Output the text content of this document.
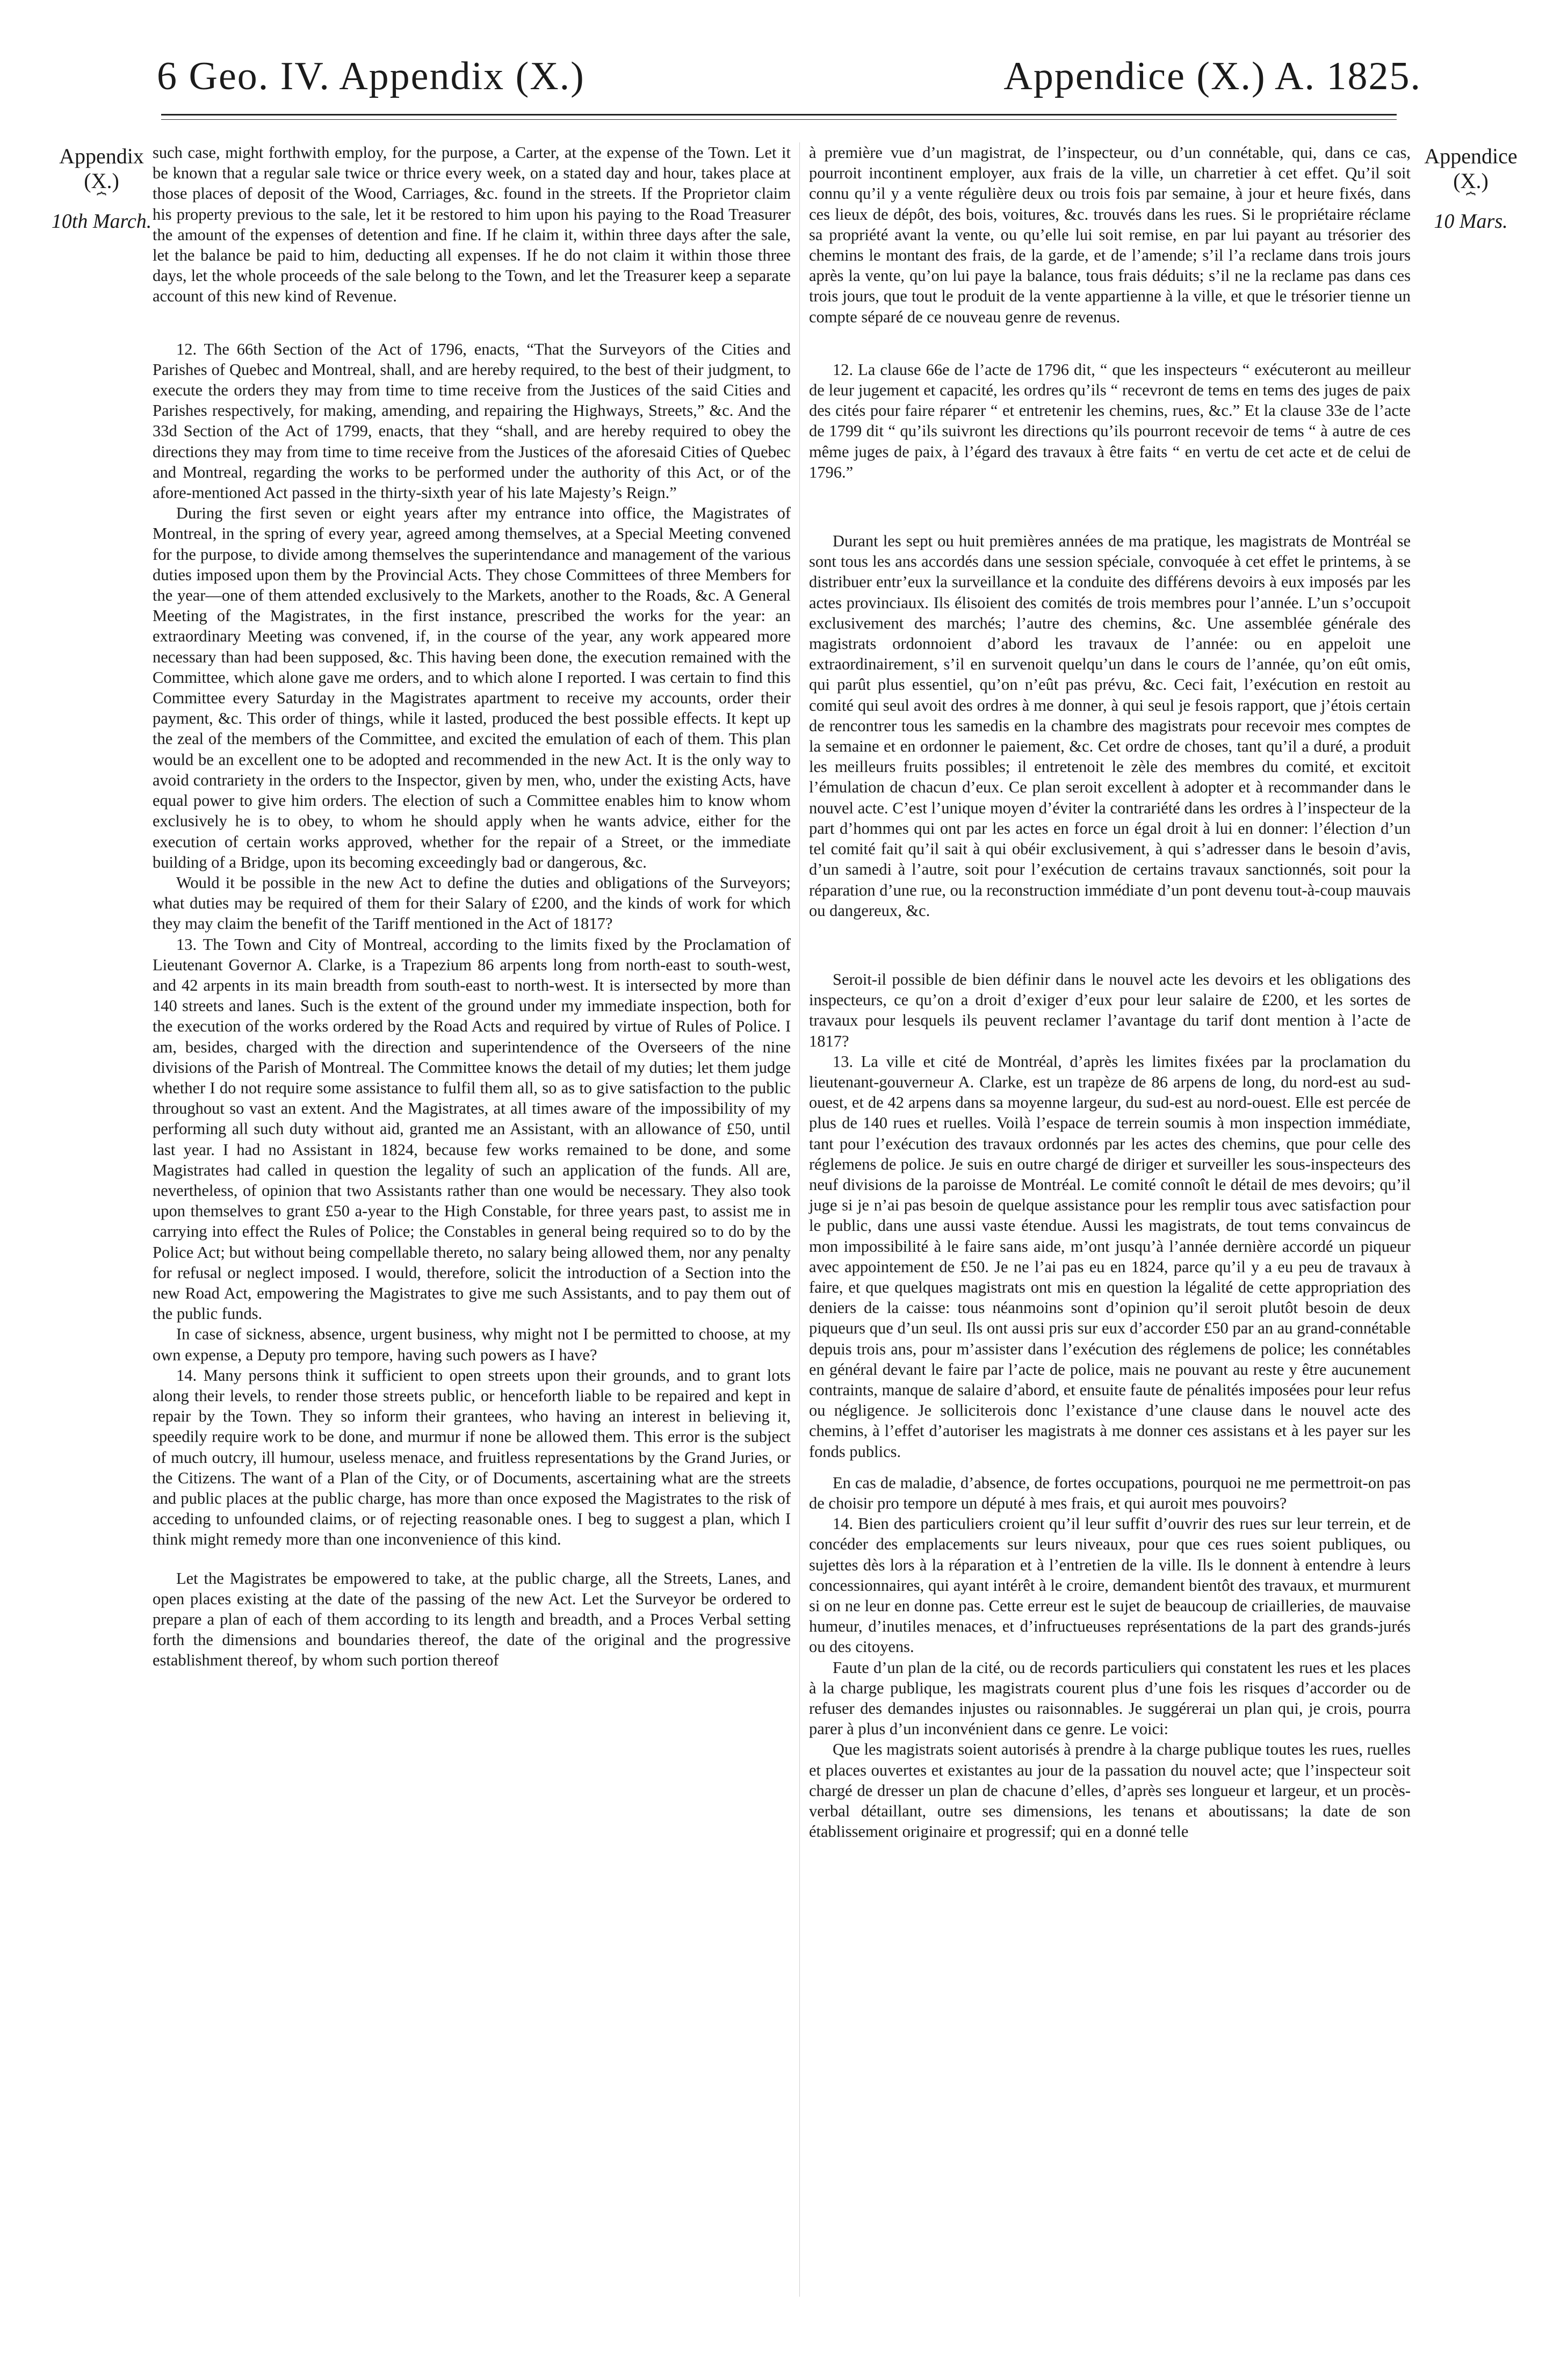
6 Geo. IV. Appendix (X.)	Appendice (X.) A. 1825.
Appendix
(X.)
⏞
10th March.
Appendice
(X.)
⏞
10 Mars.

such case, might forthwith employ, for the purpose, a Carter, at the expense of the Town. Let it be known that a regular sale twice or thrice every week, on a stated day and hour, takes place at those places of deposit of the Wood, Carriages, &c. found in the streets. If the Proprietor claim his property previous to the sale, let it be restored to him upon his paying to the Road Treasurer the amount of the expenses of detention and fine. If he claim it, within three days after the sale, let the balance be paid to him, deducting all expenses. If he do not claim it within those three days, let the whole proceeds of the sale belong to the Town, and let the Treasurer keep a separate account of this new kind of Revenue.

12. The 66th Section of the Act of 1796, enacts, “That the Surveyors of the Cities and Parishes of Quebec and Montreal, shall, and are hereby required, to the best of their judgment, to execute the orders they may from time to time receive from the Justices of the said Cities and Parishes respectively, for making, amending, and repairing the Highways, Streets,” &c. And the 33d Section of the Act of 1799, enacts, that they “shall, and are hereby required to obey the directions they may from time to time receive from the Justices of the aforesaid Cities of Quebec and Montreal, regarding the works to be performed under the authority of this Act, or of the afore-mentioned Act passed in the thirty-sixth year of his late Majesty’s Reign.”

During the first seven or eight years after my entrance into office, the Magistrates of Montreal, in the spring of every year, agreed among themselves, at a Special Meeting convened for the purpose, to divide among themselves the superintendance and management of the various duties imposed upon them by the Provincial Acts. They chose Committees of three Members for the year—one of them attended exclusively to the Markets, another to the Roads, &c. A General Meeting of the Magistrates, in the first instance, prescribed the works for the year: an extraordinary Meeting was convened, if, in the course of the year, any work appeared more necessary than had been supposed, &c. This having been done, the execution remained with the Committee, which alone gave me orders, and to which alone I reported. I was certain to find this Committee every Saturday in the Magistrates apartment to receive my accounts, order their payment, &c. This order of things, while it lasted, produced the best possible effects. It kept up the zeal of the members of the Committee, and excited the emulation of each of them. This plan would be an excellent one to be adopted and recommended in the new Act. It is the only way to avoid contrariety in the orders to the Inspector, given by men, who, under the existing Acts, have equal power to give him orders. The election of such a Committee enables him to know whom exclusively he is to obey, to whom he should apply when he wants advice, either for the execution of certain works approved, whether for the repair of a Street, or the immediate building of a Bridge, upon its becoming exceedingly bad or dangerous, &c.

Would it be possible in the new Act to define the duties and obligations of the Surveyors; what duties may be required of them for their Salary of £200, and the kinds of work for which they may claim the benefit of the Tariff mentioned in the Act of 1817?

13. The Town and City of Montreal, according to the limits fixed by the Proclamation of Lieutenant Governor A. Clarke, is a Trapezium 86 arpents long from north-east to south-west, and 42 arpents in its main breadth from south-east to north-west. It is intersected by more than 140 streets and lanes. Such is the extent of the ground under my immediate inspection, both for the execution of the works ordered by the Road Acts and required by virtue of Rules of Police. I am, besides, charged with the direction and superintendence of the Overseers of the nine divisions of the Parish of Montreal. The Committee knows the detail of my duties; let them judge whether I do not require some assistance to fulfil them all, so as to give satisfaction to the public throughout so vast an extent. And the Magistrates, at all times aware of the impossibility of my performing all such duty without aid, granted me an Assistant, with an allowance of £50, until last year. I had no Assistant in 1824, because few works remained to be done, and some Magistrates had called in question the legality of such an application of the funds. All are, nevertheless, of opinion that two Assistants rather than one would be necessary. They also took upon themselves to grant £50 a-year to the High Constable, for three years past, to assist me in carrying into effect the Rules of Police; the Constables in general being required so to do by the Police Act; but without being compellable thereto, no salary being allowed them, nor any penalty for refusal or neglect imposed. I would, therefore, solicit the introduction of a Section into the new Road Act, empowering the Magistrates to give me such Assistants, and to pay them out of the public funds.

In case of sickness, absence, urgent business, why might not I be permitted to choose, at my own expense, a Deputy pro tempore, having such powers as I have?

14. Many persons think it sufficient to open streets upon their grounds, and to grant lots along their levels, to render those streets public, or henceforth liable to be repaired and kept in repair by the Town. They so inform their grantees, who having an interest in believing it, speedily require work to be done, and murmur if none be allowed them. This error is the subject of much outcry, ill humour, useless menace, and fruitless representations by the Grand Juries, or the Citizens. The want of a Plan of the City, or of Documents, ascertaining what are the streets and public places at the public charge, has more than once exposed the Magistrates to the risk of acceding to unfounded claims, or of rejecting reasonable ones. I beg to suggest a plan, which I think might remedy more than one inconvenience of this kind.

Let the Magistrates be empowered to take, at the public charge, all the Streets, Lanes, and open places existing at the date of the passing of the new Act. Let the Surveyor be ordered to prepare a plan of each of them according to its length and breadth, and a Proces Verbal setting forth the dimensions and boundaries thereof, the date of the original and the progressive establishment thereof, by whom such portion thereof

à première vue d’un magistrat, de l’inspecteur, ou d’un connétable, qui, dans ce cas, pourroit incontinent employer, aux frais de la ville, un charretier à cet effet. Qu’il soit connu qu’il y a vente régulière deux ou trois fois par semaine, à jour et heure fixés, dans ces lieux de dépôt, des bois, voitures, &c. trouvés dans les rues. Si le propriétaire réclame sa propriété avant la vente, ou qu’elle lui soit remise, en par lui payant au trésorier des chemins le montant des frais, de la garde, et de l’amende; s’il l’a reclame dans trois jours après la vente, qu’on lui paye la balance, tous frais déduits; s’il ne la reclame pas dans ces trois jours, que tout le produit de la vente appartienne à la ville, et que le trésorier tienne un compte séparé de ce nouveau genre de revenus.

12. La clause 66e de l’acte de 1796 dit, “ que les inspecteurs “ exécuteront au meilleur de leur jugement et capacité, les ordres qu’ils “ recevront de tems en tems des juges de paix des cités pour faire réparer “ et entretenir les chemins, rues, &c.” Et la clause 33e de l’acte de 1799 dit “ qu’ils suivront les directions qu’ils pourront recevoir de tems “ à autre de ces même juges de paix, à l’égard des travaux à être faits “ en vertu de cet acte et de celui de 1796.”

Durant les sept ou huit premières années de ma pratique, les magistrats de Montréal se sont tous les ans accordés dans une session spéciale, convoquée à cet effet le printems, à se distribuer entr’eux la surveillance et la conduite des différens devoirs à eux imposés par les actes provinciaux. Ils élisoient des comités de trois membres pour l’année. L’un s’occupoit exclusivement des marchés; l’autre des chemins, &c. Une assemblée générale des magistrats ordonnoient d’abord les travaux de l’année: ou en appeloit une extraordinairement, s’il en survenoit quelqu’un dans le cours de l’année, qu’on eût omis, qui parût plus essentiel, qu’on n’eût pas prévu, &c. Ceci fait, l’exécution en restoit au comité qui seul avoit des ordres à me donner, à qui seul je fesois rapport, que j’étois certain de rencontrer tous les samedis en la chambre des magistrats pour recevoir mes comptes de la semaine et en ordonner le paiement, &c. Cet ordre de choses, tant qu’il a duré, a produit les meilleurs fruits possibles; il entretenoit le zèle des membres du comité, et excitoit l’émulation de chacun d’eux. Ce plan seroit excellent à adopter et à recommander dans le nouvel acte. C’est l’unique moyen d’éviter la contrariété dans les ordres à l’inspecteur de la part d’hommes qui ont par les actes en force un égal droit à lui en donner: l’élection d’un tel comité fait qu’il sait à qui obéir exclusivement, à qui s’adresser dans le besoin d’avis, d’un samedi à l’autre, soit pour l’exécution de certains travaux sanctionnés, soit pour la réparation d’une rue, ou la reconstruction immédiate d’un pont devenu tout-à-coup mauvais ou dangereux, &c.

Seroit-il possible de bien définir dans le nouvel acte les devoirs et les obligations des inspecteurs, ce qu’on a droit d’exiger d’eux pour leur salaire de £200, et les sortes de travaux pour lesquels ils peuvent reclamer l’avantage du tarif dont mention à l’acte de 1817?

13. La ville et cité de Montréal, d’après les limites fixées par la proclamation du lieutenant-gouverneur A. Clarke, est un trapèze de 86 arpens de long, du nord-est au sud-ouest, et de 42 arpens dans sa moyenne largeur, du sud-est au nord-ouest. Elle est percée de plus de 140 rues et ruelles. Voilà l’espace de terrein soumis à mon inspection immédiate, tant pour l’exécution des travaux ordonnés par les actes des chemins, que pour celle des réglemens de police. Je suis en outre chargé de diriger et surveiller les sous-inspecteurs des neuf divisions de la paroisse de Montréal. Le comité connoît le détail de mes devoirs; qu’il juge si je n’ai pas besoin de quelque assistance pour les remplir tous avec satisfaction pour le public, dans une aussi vaste étendue. Aussi les magistrats, de tout tems convaincus de mon impossibilité à le faire sans aide, m’ont jusqu’à l’année dernière accordé un piqueur avec appointement de £50. Je ne l’ai pas eu en 1824, parce qu’il y a eu peu de travaux à faire, et que quelques magistrats ont mis en question la légalité de cette appropriation des deniers de la caisse: tous néanmoins sont d’opinion qu’il seroit plutôt besoin de deux piqueurs que d’un seul. Ils ont aussi pris sur eux d’accorder £50 par an au grand-connétable depuis trois ans, pour m’assister dans l’exécution des réglemens de police; les connétables en général devant le faire par l’acte de police, mais ne pouvant au reste y être aucunement contraints, manque de salaire d’abord, et ensuite faute de pénalités imposées pour leur refus ou négligence. Je solliciterois donc l’existance d’une clause dans le nouvel acte des chemins, à l’effet d’autoriser les magistrats à me donner ces assistans et à les payer sur les fonds publics.

En cas de maladie, d’absence, de fortes occupations, pourquoi ne me permettroit-on pas de choisir pro tempore un député à mes frais, et qui auroit mes pouvoirs?

14. Bien des particuliers croient qu’il leur suffit d’ouvrir des rues sur leur terrein, et de concéder des emplacements sur leurs niveaux, pour que ces rues soient publiques, ou sujettes dès lors à la réparation et à l’entretien de la ville. Ils le donnent à entendre à leurs concessionnaires, qui ayant intérêt à le croire, demandent bientôt des travaux, et murmurent si on ne leur en donne pas. Cette erreur est le sujet de beaucoup de criailleries, de mauvaise humeur, d’inutiles menaces, et d’infructueuses représentations de la part des grands-jurés ou des citoyens.

Faute d’un plan de la cité, ou de records particuliers qui constatent les rues et les places à la charge publique, les magistrats courent plus d’une fois les risques d’accorder ou de refuser des demandes injustes ou raisonnables. Je suggérerai un plan qui, je crois, pourra parer à plus d’un inconvénient dans ce genre. Le voici:

Que les magistrats soient autorisés à prendre à la charge publique toutes les rues, ruelles et places ouvertes et existantes au jour de la passation du nouvel acte; que l’inspecteur soit chargé de dresser un plan de chacune d’elles, d’après ses longueur et largeur, et un procès-verbal détaillant, outre ses dimensions, les tenans et aboutissans; la date de son établissement originaire et progressif; qui en a donné telle
